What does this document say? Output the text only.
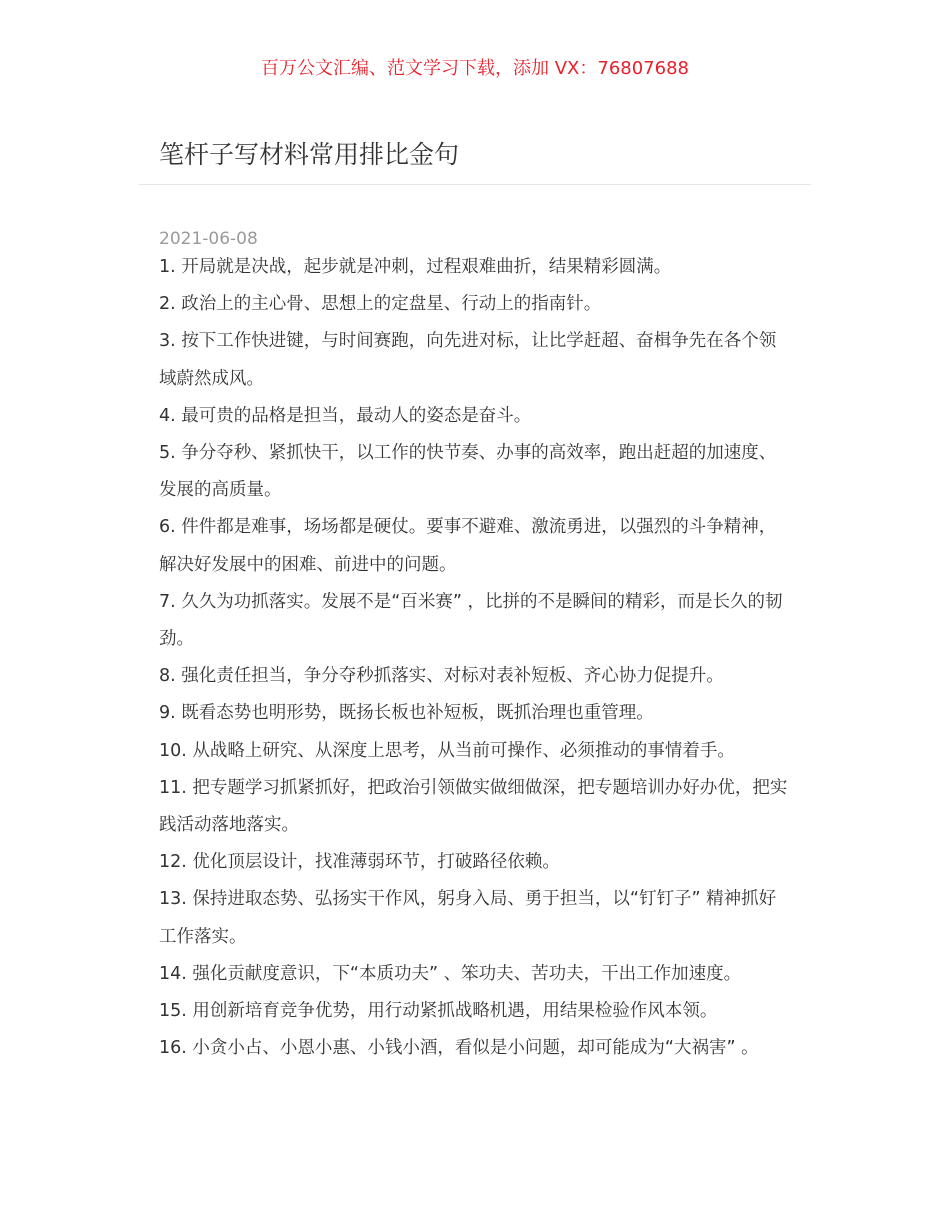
百万公文汇编、范文学习下载，添加 VX：76807688
笔杆子写材料常用排比金句
2021-06-08

1. 开局就是决战，起步就是冲刺，过程艰难曲折，结果精彩圆满。

2. 政治上的主心骨、思想上的定盘星、行动上的指南针。

3. 按下工作快进键，与时间赛跑，向先进对标，让比学赶超、奋楫争先在各个领域蔚然成风。

4. 最可贵的品格是担当，最动人的姿态是奋斗。

5. 争分夺秒、紧抓快干，以工作的快节奏、办事的高效率，跑出赶超的加速度、发展的高质量。

6. 件件都是难事，场场都是硬仗。要事不避难、激流勇进，以强烈的斗争精神，解决好发展中的困难、前进中的问题。

7. 久久为功抓落实。发展不是“百米赛” ，比拼的不是瞬间的精彩，而是长久的韧劲。

8. 强化责任担当，争分夺秒抓落实、对标对表补短板、齐心协力促提升。

9. 既看态势也明形势，既扬长板也补短板，既抓治理也重管理。

10. 从战略上研究、从深度上思考，从当前可操作、必须推动的事情着手。

11. 把专题学习抓紧抓好，把政治引领做实做细做深，把专题培训办好办优，把实践活动落地落实。

12. 优化顶层设计，找准薄弱环节，打破路径依赖。

13. 保持进取态势、弘扬实干作风，躬身入局、勇于担当，以“钉钉子” 精神抓好工作落实。

14. 强化贡献度意识，下“本质功夫” 、笨功夫、苦功夫，干出工作加速度。

15. 用创新培育竞争优势，用行动紧抓战略机遇，用结果检验作风本领。

16. 小贪小占、小恩小惠、小钱小酒，看似是小问题，却可能成为“大祸害” 。
